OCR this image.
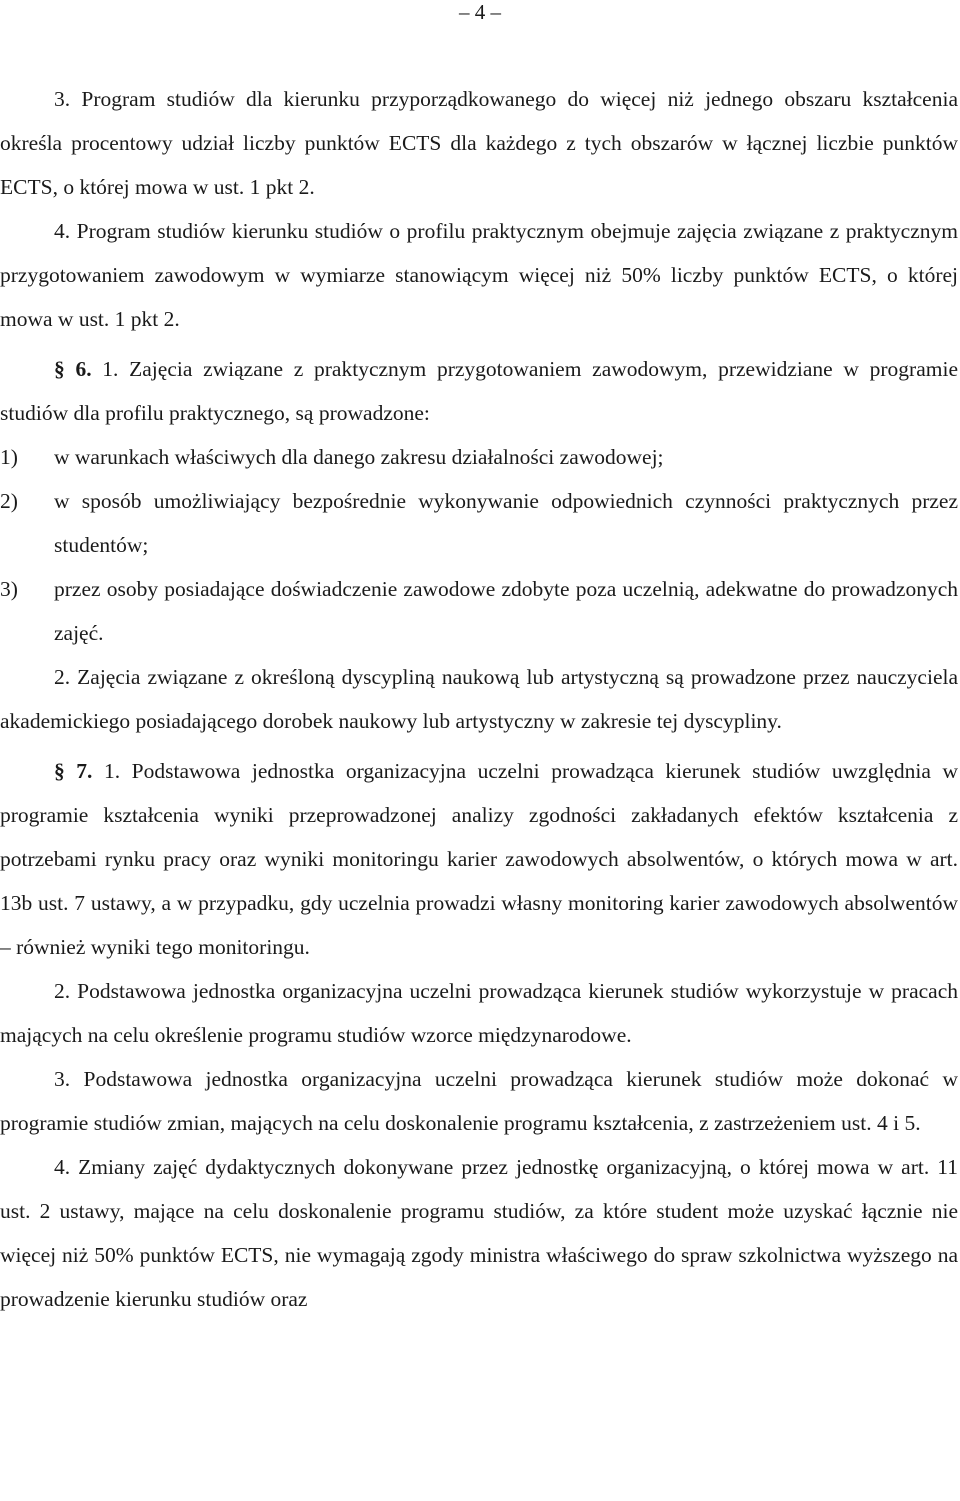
– 4 –

3. Program studiów dla kierunku przyporządkowanego do więcej niż jednego obszaru kształcenia określa procentowy udział liczby punktów ECTS dla każdego z tych obszarów w łącznej liczbie punktów ECTS, o której mowa w ust. 1 pkt 2.

4. Program studiów kierunku studiów o profilu praktycznym obejmuje zajęcia związane z praktycznym przygotowaniem zawodowym w wymiarze stanowiącym więcej niż 50% liczby punktów ECTS, o której mowa w ust. 1 pkt 2.

§ 6. 1. Zajęcia związane z praktycznym przygotowaniem zawodowym, przewidziane w programie studiów dla profilu praktycznego, są prowadzone:

1) w warunkach właściwych dla danego zakresu działalności zawodowej;
2) w sposób umożliwiający bezpośrednie wykonywanie odpowiednich czynności praktycznych przez studentów;
3) przez osoby posiadające doświadczenie zawodowe zdobyte poza uczelnią, adekwatne do prowadzonych zajęć.

2. Zajęcia związane z określoną dyscypliną naukową lub artystyczną są prowadzone przez nauczyciela akademickiego posiadającego dorobek naukowy lub artystyczny w zakresie tej dyscypliny.

§ 7. 1. Podstawowa jednostka organizacyjna uczelni prowadząca kierunek studiów uwzględnia w programie kształcenia wyniki przeprowadzonej analizy zgodności zakładanych efektów kształcenia z potrzebami rynku pracy oraz wyniki monitoringu karier zawodowych absolwentów, o których mowa w art. 13b ust. 7 ustawy, a w przypadku, gdy uczelnia prowadzi własny monitoring karier zawodowych absolwentów – również wyniki tego monitoringu.

2. Podstawowa jednostka organizacyjna uczelni prowadząca kierunek studiów wykorzystuje w pracach mających na celu określenie programu studiów wzorce międzynarodowe.

3. Podstawowa jednostka organizacyjna uczelni prowadząca kierunek studiów może dokonać w programie studiów zmian, mających na celu doskonalenie programu kształcenia, z zastrzeżeniem ust. 4 i 5.

4. Zmiany zajęć dydaktycznych dokonywane przez jednostkę organizacyjną, o której mowa w art. 11 ust. 2 ustawy, mające na celu doskonalenie programu studiów, za które student może uzyskać łącznie nie więcej niż 50% punktów ECTS, nie wymagają zgody ministra właściwego do spraw szkolnictwa wyższego na prowadzenie kierunku studiów oraz
